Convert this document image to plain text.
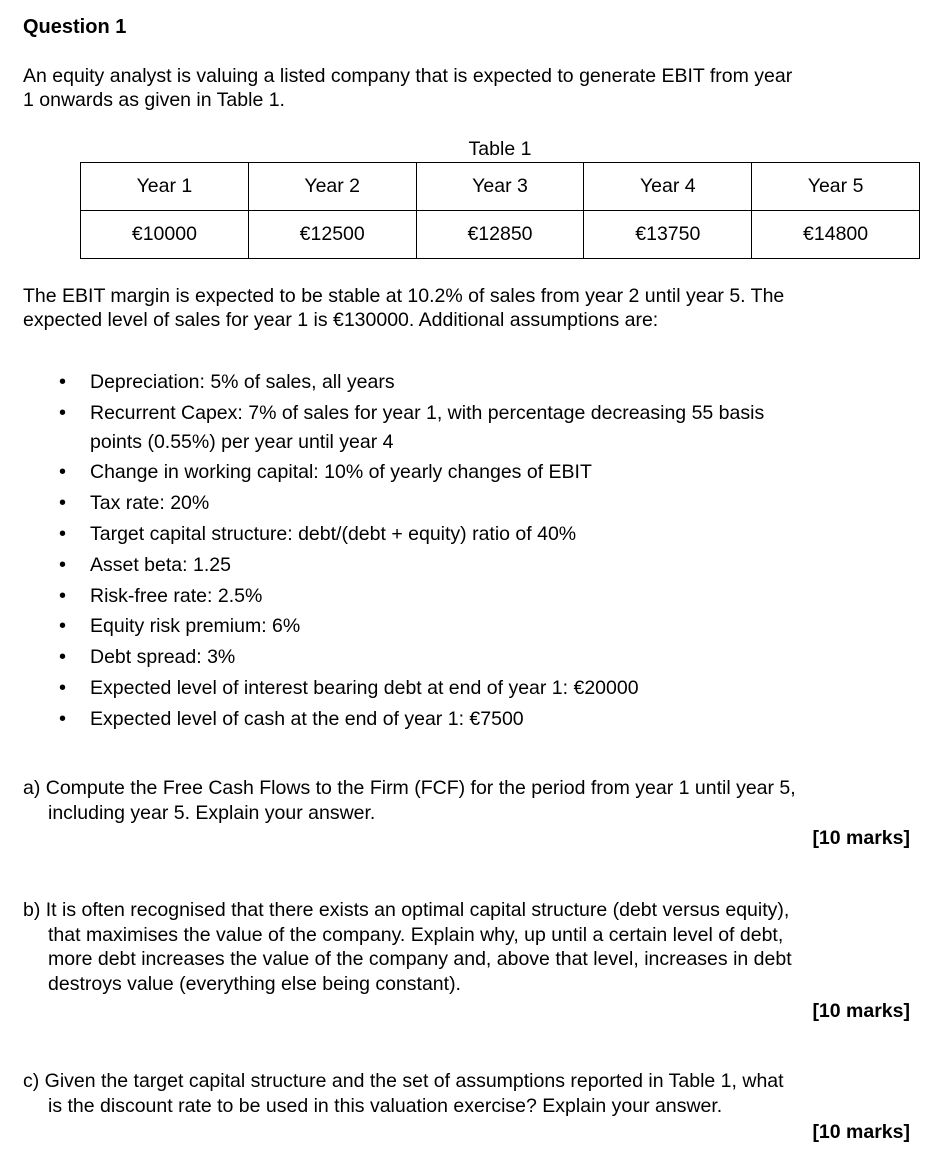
Question 1
An equity analyst is valuing a listed company that is expected to generate EBIT from year
1 onwards as given in Table 1.
Table 1
Year 1	Year 2	Year 3	Year 4	Year 5
€10000	€12500	€12850	€13750	€14800
The EBIT margin is expected to be stable at 10.2% of sales from year 2 until year 5. The
expected level of sales for year 1 is €130000. Additional assumptions are:
• Depreciation: 5% of sales, all years
• Recurrent Capex: 7% of sales for year 1, with percentage decreasing 55 basis
points (0.55%) per year until year 4
• Change in working capital: 10% of yearly changes of EBIT
• Tax rate: 20%
• Target capital structure: debt/(debt + equity) ratio of 40%
• Asset beta: 1.25
• Risk-free rate: 2.5%
• Equity risk premium: 6%
• Debt spread: 3%
• Expected level of interest bearing debt at end of year 1: €20000
• Expected level of cash at the end of year 1: €7500
a) Compute the Free Cash Flows to the Firm (FCF) for the period from year 1 until year 5,
including year 5. Explain your answer.
[10 marks]
b) It is often recognised that there exists an optimal capital structure (debt versus equity),
that maximises the value of the company. Explain why, up until a certain level of debt,
more debt increases the value of the company and, above that level, increases in debt
destroys value (everything else being constant).
[10 marks]
c) Given the target capital structure and the set of assumptions reported in Table 1, what
is the discount rate to be used in this valuation exercise? Explain your answer.
[10 marks]
